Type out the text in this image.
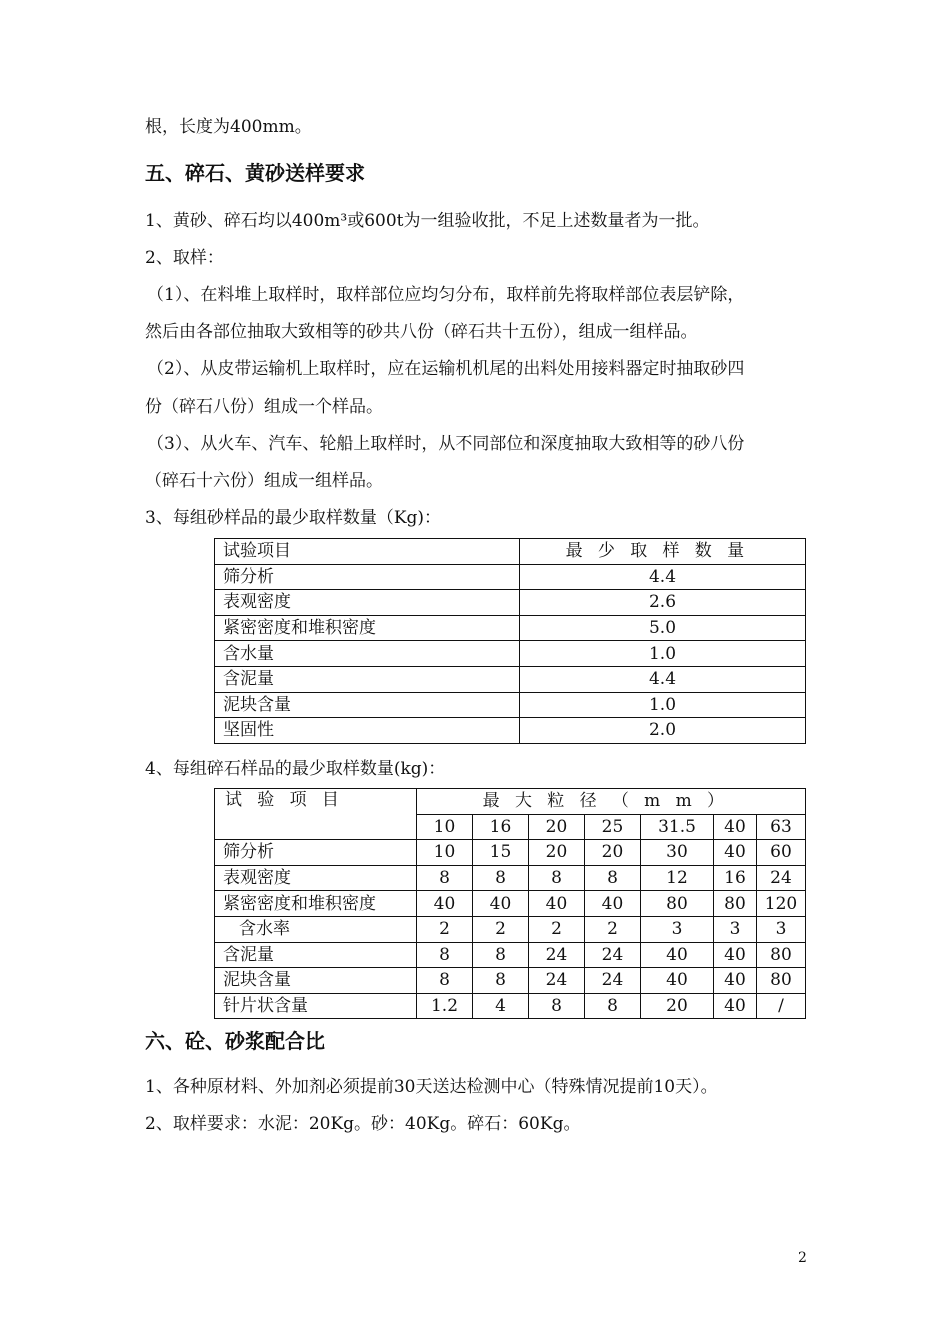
根，长度为400mm。
五、碎石、黄砂送样要求
1、黄砂、碎石均以400m³或600t为一组验收批，不足上述数量者为一批。
2、取样：
（1）、在料堆上取样时，取样部位应均匀分布，取样前先将取样部位表层铲除，
然后由各部位抽取大致相等的砂共八份（碎石共十五份），组成一组样品。
（2）、从皮带运输机上取样时，应在运输机机尾的出料处用接料器定时抽取砂四
份（碎石八份）组成一个样品。
（3）、从火车、汽车、轮船上取样时，从不同部位和深度抽取大致相等的砂八份
（碎石十六份）组成一组样品。
3、每组砂样品的最少取样数量（Kg)：
试验项目	最少取样数量
筛分析	4.4
表观密度	2.6
紧密密度和堆积密度	5.0
含水量	1.0
含泥量	4.4
泥块含量	1.0
坚固性	2.0
4、每组碎石样品的最少取样数量(kg)：
试验项目	最大粒径（mm）						
	10	16	20	25	31.5	40	63
筛分析	10	15	20	20	30	40	60
表观密度	8	8	8	8	12	16	24
紧密密度和堆积密度	40	40	40	40	80	80	120
含水率	2	2	2	2	3	3	3
含泥量	8	8	24	24	40	40	80
泥块含量	8	8	24	24	40	40	80
针片状含量	1.2	4	8	8	20	40	/
六、砼、砂浆配合比
1、各种原材料、外加剂必须提前30天送达检测中心（特殊情况提前10天）。
2、取样要求：水泥：20Kg。砂：40Kg。碎石：60Kg。
2
